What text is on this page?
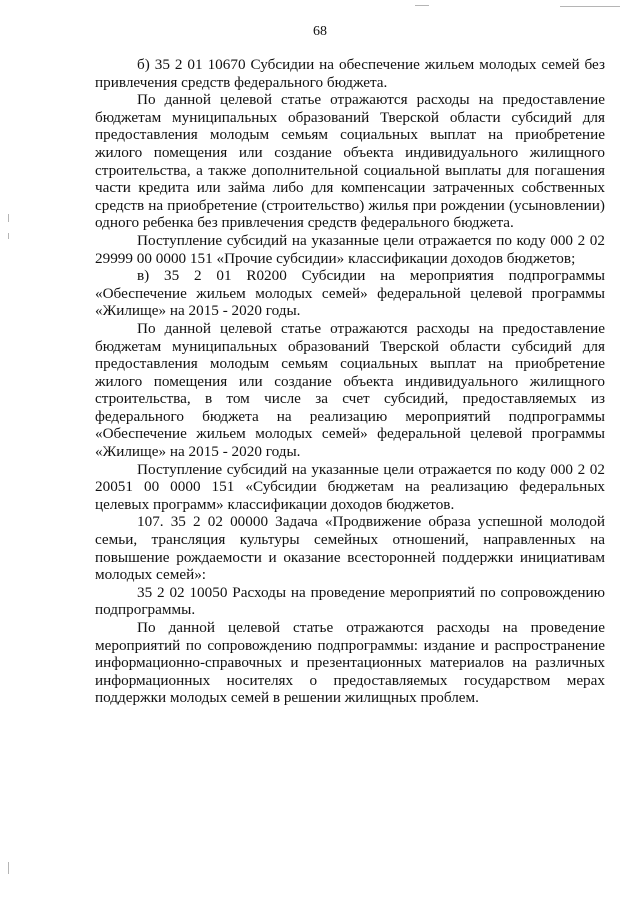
68

б) 35 2 01 10670 Субсидии на обеспечение жильем молодых семей без привлечения средств федерального бюджета.

По данной целевой статье отражаются расходы на предоставление бюджетам муниципальных образований Тверской области субсидий для предоставления молодым семьям социальных выплат на приобретение жилого помещения или создание объекта индивидуального жилищного строительства, а также дополнительной социальной выплаты для погашения части кредита или займа либо для компенсации затраченных собственных средств на приобретение (строительство) жилья при рождении (усыновлении) одного ребенка без привлечения средств федерального бюджета.

Поступление субсидий на указанные цели отражается по коду 000 2 02 29999 00 0000 151 «Прочие субсидии» классификации доходов бюджетов;

в) 35 2 01 R0200 Субсидии на мероприятия подпрограммы «Обеспечение жильем молодых семей» федеральной целевой программы «Жилище» на 2015 - 2020 годы.

По данной целевой статье отражаются расходы на предоставление бюджетам муниципальных образований Тверской области субсидий для предоставления молодым семьям социальных выплат на приобретение жилого помещения или создание объекта индивидуального жилищного строительства, в том числе за счет субсидий, предоставляемых из федерального бюджета на реализацию мероприятий подпрограммы «Обеспечение жильем молодых семей» федеральной целевой программы «Жилище» на 2015 - 2020 годы.

Поступление субсидий на указанные цели отражается по коду 000 2 02 20051 00 0000 151 «Субсидии бюджетам на реализацию федеральных целевых программ» классификации доходов бюджетов.

107. 35 2 02 00000 Задача «Продвижение образа успешной молодой семьи, трансляция культуры семейных отношений, направленных на повышение рождаемости и оказание всесторонней поддержки инициативам молодых семей»:

35 2 02 10050 Расходы на проведение мероприятий по сопровождению подпрограммы.

По данной целевой статье отражаются расходы на проведение мероприятий по сопровождению подпрограммы: издание и распространение информационно-справочных и презентационных материалов на различных информационных носителях о предоставляемых государством мерах поддержки молодых семей в решении жилищных проблем.
